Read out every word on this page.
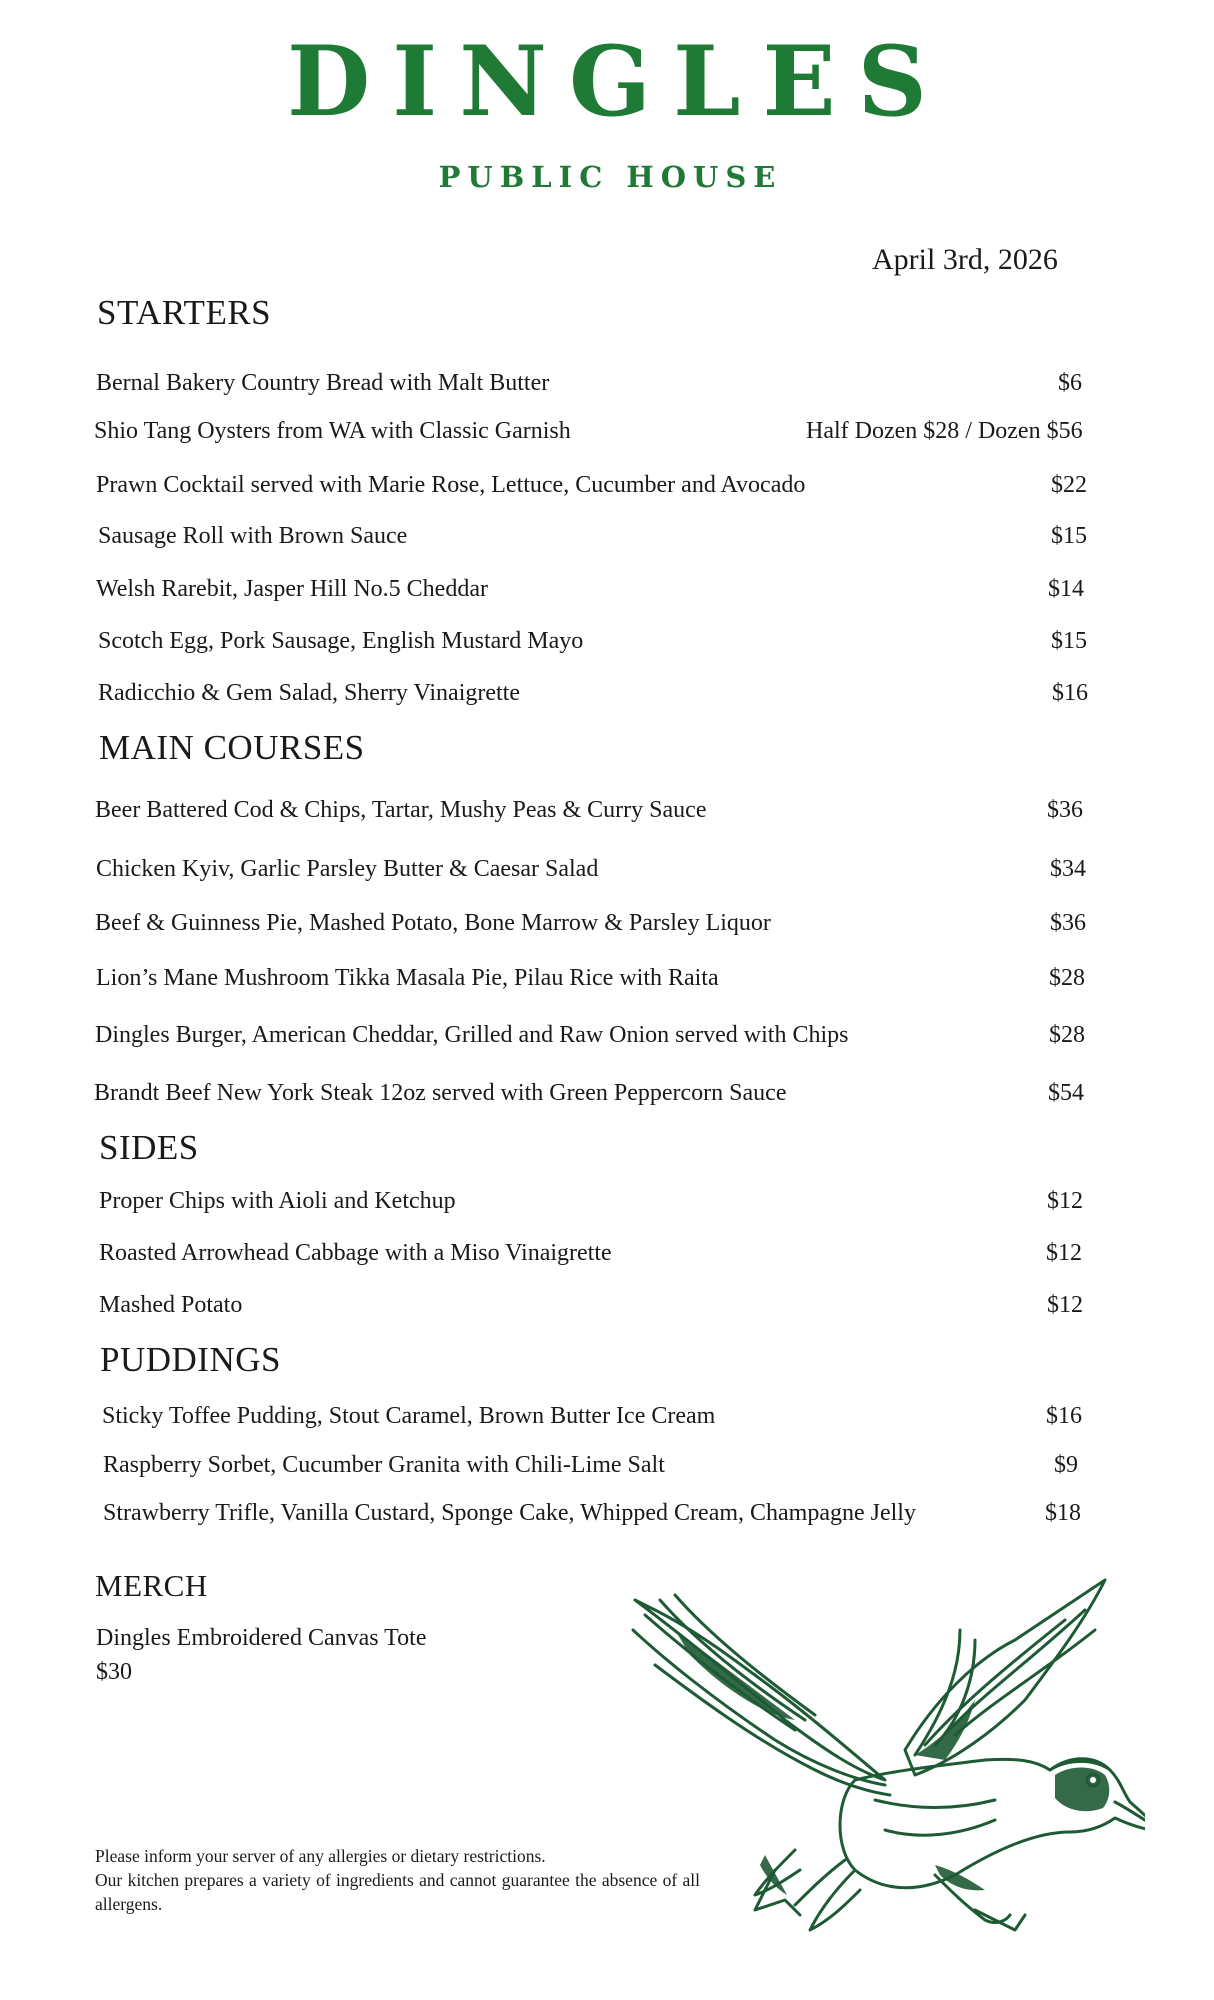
DINGLES
PUBLIC HOUSE
April 3rd, 2026
STARTERS
Bernal Bakery Country Bread with Malt Butter	$6
Shio Tang Oysters from WA with Classic Garnish	Half Dozen $28 / Dozen $56
Prawn Cocktail served with Marie Rose, Lettuce, Cucumber and Avocado	$22
Sausage Roll with Brown Sauce	$15
Welsh Rarebit, Jasper Hill No.5 Cheddar	$14
Scotch Egg, Pork Sausage, English Mustard Mayo	$15
Radicchio & Gem Salad, Sherry Vinaigrette	$16
MAIN COURSES
Beer Battered Cod & Chips, Tartar, Mushy Peas & Curry Sauce	$36
Chicken Kyiv, Garlic Parsley Butter & Caesar Salad	$34
Beef & Guinness Pie, Mashed Potato, Bone Marrow & Parsley Liquor	$36
Lion’s Mane Mushroom Tikka Masala Pie, Pilau Rice with Raita	$28
Dingles Burger, American Cheddar, Grilled and Raw Onion served with Chips	$28
Brandt Beef New York Steak 12oz served with Green Peppercorn Sauce	$54
SIDES
Proper Chips with Aioli and Ketchup	$12
Roasted Arrowhead Cabbage with a Miso Vinaigrette	$12
Mashed Potato	$12
PUDDINGS
Sticky Toffee Pudding, Stout Caramel, Brown Butter Ice Cream	$16
Raspberry Sorbet, Cucumber Granita with Chili-Lime Salt	$9
Strawberry Trifle, Vanilla Custard, Sponge Cake, Whipped Cream, Champagne Jelly	$18
MERCH
Dingles Embroidered Canvas Tote
$30

Please inform your server of any allergies or dietary restrictions.

Our kitchen prepares a variety of ingredients and cannot guarantee the absence of all allergens.
